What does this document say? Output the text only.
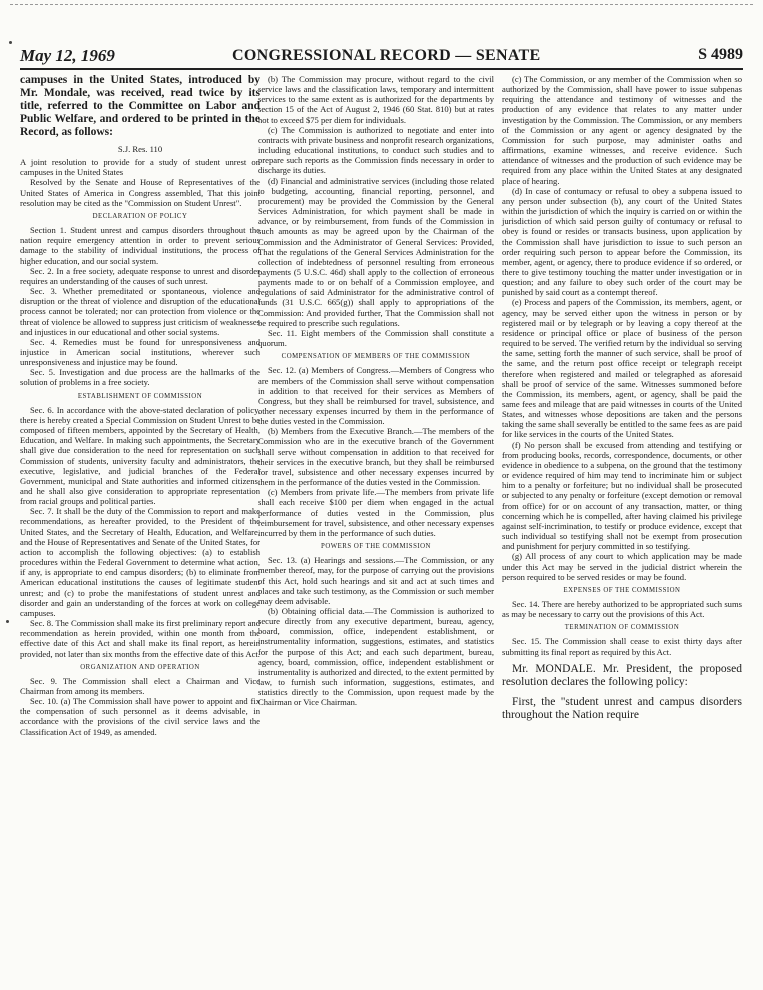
May 12, 1969	CONGRESSIONAL RECORD — SENATE	S 4989

campuses in the United States, introduced by Mr. Mondale, was received, read twice by its title, referred to the Committee on Labor and Public Welfare, and ordered to be printed in the Record, as follows:

S.J. Res. 110

A joint resolution to provide for a study of student unrest on campuses in the United States

Resolved by the Senate and House of Representatives of the United States of America in Congress assembled, That this joint resolution may be cited as the "Commission on Student Unrest".

DECLARATION OF POLICY

Section 1. Student unrest and campus disorders throughout the nation require emergency attention in order to prevent serious damage to the stability of individual institutions, the process of higher education, and our social system.

Sec. 2. In a free society, adequate response to unrest and disorder requires an understanding of the causes of such unrest.

Sec. 3. Whether premeditated or spontaneous, violence and disruption or the threat of violence and disruption of the educational process cannot be tolerated; nor can protection from violence or the threat of violence be allowed to suppress just criticism of weaknesses and injustices in our educational and other social systems.

Sec. 4. Remedies must be found for unresponsiveness and injustice in American social institutions, wherever such unresponsiveness and injustice may be found.

Sec. 5. Investigation and due process are the hallmarks of the solution of problems in a free society.

ESTABLISHMENT OF COMMISSION

Sec. 6. In accordance with the above-stated declaration of policy, there is hereby created a Special Commission on Student Unrest to be composed of fifteen members, appointed by the Secretary of Health, Education, and Welfare. In making such appointments, the Secretary shall give due consideration to the need for representation on such Commission of students, university faculty and administrators, the executive, legislative, and judicial branches of the Federal Government, municipal and State authorities and informed citizens, and he shall also give consideration to appropriate representation from racial groups and political parties.

Sec. 7. It shall be the duty of the Commission to report and make recommendations, as hereafter provided, to the President of the United States, and the Secretary of Health, Education, and Welfare, and the House of Representatives and Senate of the United States, for action to accomplish the following objectives: (a) to establish procedures within the Federal Government to determine what action, if any, is appropriate to end campus disorders; (b) to eliminate from American educational institutions the causes of legitimate student unrest; and (c) to probe the manifestations of student unrest and disorder and gain an understanding of the forces at work on college campuses.

Sec. 8. The Commission shall make its first preliminary report and recommendation as herein provided, within one month from the effective date of this Act and shall make its final report, as herein provided, not later than six months from the effective date of this Act.

ORGANIZATION AND OPERATION

Sec. 9. The Commission shall elect a Chairman and Vice Chairman from among its members.

Sec. 10. (a) The Commission shall have power to appoint and fix the compensation of such personnel as it deems advisable, in accordance with the provisions of the civil service laws and the Classification Act of 1949, as amended.

(b) The Commission may procure, without regard to the civil service laws and the classification laws, temporary and intermittent services to the same extent as is authorized for the departments by section 15 of the Act of August 2, 1946 (60 Stat. 810) but at rates not to exceed $75 per diem for individuals.

(c) The Commission is authorized to negotiate and enter into contracts with private business and nonprofit research organizations, including educational institutions, to conduct such studies and to prepare such reports as the Commission finds necessary in order to discharge its duties.

(d) Financial and administrative services (including those related to budgeting, accounting, financial reporting, personnel, and procurement) may be provided the Commission by the General Services Administration, for which payment shall be made in advance, or by reimbursement, from funds of the Commission in such amounts as may be agreed upon by the Chairman of the Commission and the Administrator of General Services: Provided, That the regulations of the General Services Administration for the collection of indebtedness of personnel resulting from erroneous payments (5 U.S.C. 46d) shall apply to the collection of erroneous payments made to or on behalf of a Commission employee, and regulations of said Administrator for the administrative control of funds (31 U.S.C. 665(g)) shall apply to appropriations of the Commission: And provided further, That the Commission shall not be required to prescribe such regulations.

Sec. 11. Eight members of the Commission shall constitute a quorum.

COMPENSATION OF MEMBERS OF THE COMMISSION

Sec. 12. (a) Members of Congress.—Members of Congress who are members of the Commission shall serve without compensation in addition to that received for their services as Members of Congress, but they shall be reimbursed for travel, subsistence, and other necessary expenses incurred by them in the performance of the duties vested in the Commission.

(b) Members from the Executive Branch.—The members of the Commission who are in the executive branch of the Government shall serve without compensation in addition to that received for their services in the executive branch, but they shall be reimbursed for travel, subsistence and other necessary expenses incurred by them in the performance of the duties vested in the Commission.

(c) Members from private life.—The members from private life shall each receive $100 per diem when engaged in the actual performance of duties vested in the Commission, plus reimbursement for travel, subsistence, and other necessary expenses incurred by them in the performance of such duties.

POWERS OF THE COMMISSION

Sec. 13. (a) Hearings and sessions.—The Commission, or any member thereof, may, for the purpose of carrying out the provisions of this Act, hold such hearings and sit and act at such times and places and take such testimony, as the Commission or such member may deem advisable.

(b) Obtaining official data.—The Commission is authorized to secure directly from any executive department, bureau, agency, board, commission, office, independent establishment, or instrumentality information, suggestions, estimates, and statistics for the purpose of this Act; and each such department, bureau, agency, board, commission, office, independent establishment or instrumentality is authorized and directed, to the extent permitted by law, to furnish such information, suggestions, estimates, and statistics directly to the Commission, upon request made by the Chairman or Vice Chairman.

(c) The Commission, or any member of the Commission when so authorized by the Commission, shall have power to issue subpenas requiring the attendance and testimony of witnesses and the production of any evidence that relates to any matter under investigation by the Commission. The Commission, or any members of the Commission or any agent or agency designated by the Commission for such purpose, may administer oaths and affirmations, examine witnesses, and receive evidence. Such attendance of witnesses and the production of such evidence may be required from any place within the United States at any designated place of hearing.

(d) In case of contumacy or refusal to obey a subpena issued to any person under subsection (b), any court of the United States within the jurisdiction of which the inquiry is carried on or within the jurisdiction of which said person guilty of contumacy or refusal to obey is found or resides or transacts business, upon application by the Commission shall have jurisdiction to issue to such person an order requiring such person to appear before the Commission, its member, agent, or agency, there to produce evidence if so ordered, or there to give testimony touching the matter under investigation or in question; and any failure to obey such order of the court may be punished by said court as a contempt thereof.

(e) Process and papers of the Commission, its members, agent, or agency, may be served either upon the witness in person or by registered mail or by telegraph or by leaving a copy thereof at the residence or principal office or place of business of the person required to be served. The verified return by the individual so serving the same, setting forth the manner of such service, shall be proof of the same, and the return post office receipt or telegraph receipt therefore when registered and mailed or telegraphed as aforesaid shall be proof of service of the same. Witnesses summoned before the Commission, its members, agent, or agency, shall be paid the same fees and mileage that are paid witnesses in courts of the United States, and witnesses whose depositions are taken and the persons taking the same shall severally be entitled to the same fees as are paid for like services in the courts of the United States.

(f) No person shall be excused from attending and testifying or from producing books, records, correspondence, documents, or other evidence in obedience to a subpena, on the ground that the testimony or evidence required of him may tend to incriminate him or subject him to a penalty or forfeiture; but no individual shall be prosecuted or subjected to any penalty or forfeiture (except demotion or removal from office) for or on account of any transaction, matter, or thing concerning which he is compelled, after having claimed his privilege against self-incrimination, to testify or produce evidence, except that such individual so testifying shall not be exempt from prosecution and punishment for perjury committed in so testifying.

(g) All process of any court to which application may be made under this Act may be served in the judicial district wherein the person required to be served resides or may be found.

EXPENSES OF THE COMMISSION

Sec. 14. There are hereby authorized to be appropriated such sums as may be necessary to carry out the provisions of this Act.

TERMINATION OF COMMISSION

Sec. 15. The Commission shall cease to exist thirty days after submitting its final report as required by this Act.

Mr. MONDALE. Mr. President, the proposed resolution declares the following policy:

First, the "student unrest and campus disorders throughout the Nation require
